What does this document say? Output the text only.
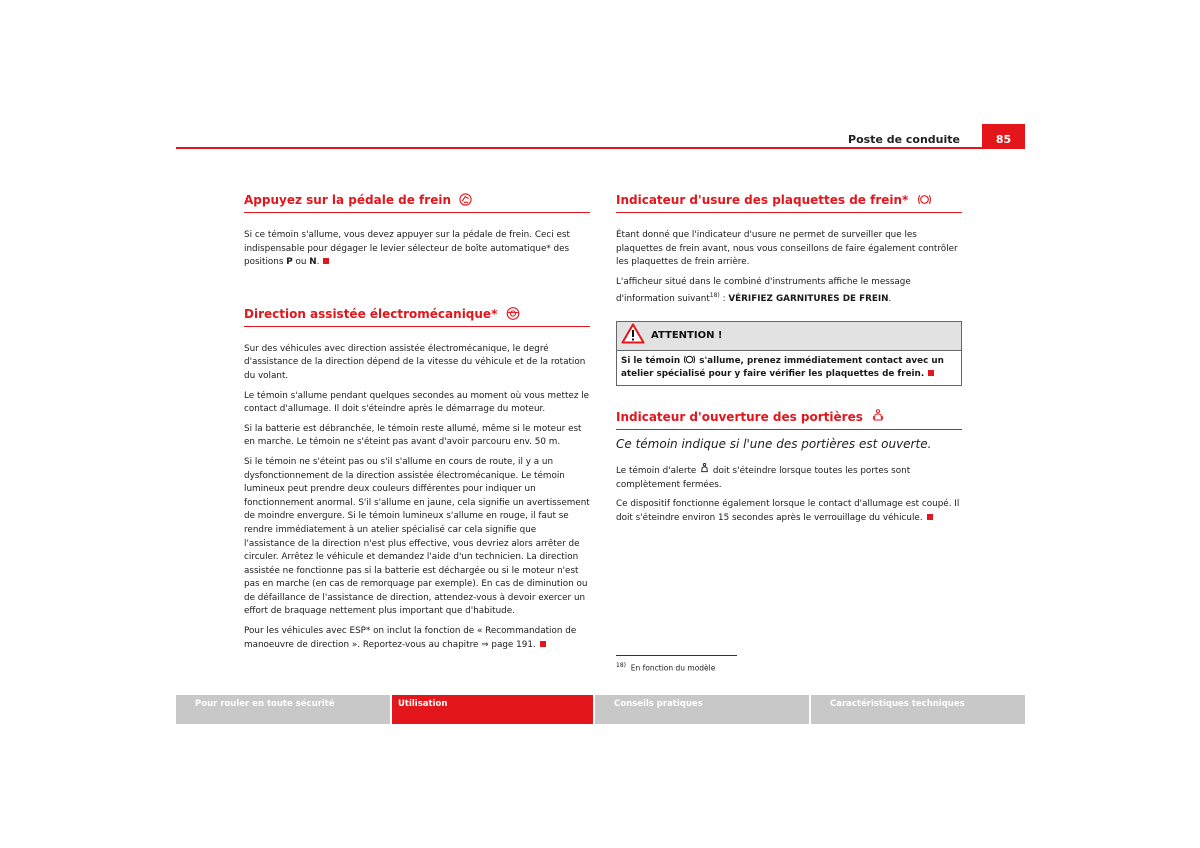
Poste de conduite	85
Appuyez sur la pédale de frein

Si ce témoin s'allume, vous devez appuyer sur la pédale de frein. Ceci est indispensable pour dégager le levier sélecteur de boîte automatique* des positions P ou N.

Direction assistée électromécanique*

Sur des véhicules avec direction assistée électromécanique, le degré d'assistance de la direction dépend de la vitesse du véhicule et de la rotation du volant.

Le témoin s'allume pendant quelques secondes au moment où vous mettez le contact d'allumage. Il doit s'éteindre après le démarrage du moteur.

Si la batterie est débranchée, le témoin reste allumé, même si le moteur est en marche. Le témoin ne s'éteint pas avant d'avoir parcouru env. 50 m.

Si le témoin ne s'éteint pas ou s'il s'allume en cours de route, il y a un dysfonctionnement de la direction assistée électromécanique. Le témoin lumineux peut prendre deux couleurs différentes pour indiquer un fonctionnement anormal. S'il s'allume en jaune, cela signifie un avertissement de moindre envergure. Si le témoin lumineux s'allume en rouge, il faut se rendre immédiatement à un atelier spécialisé car cela signifie que l'assistance de la direction n'est plus effective, vous devriez alors arrêter de circuler. Arrêtez le véhicule et demandez l'aide d'un technicien. La direction assistée ne fonctionne pas si la batterie est déchargée ou si le moteur n'est pas en marche (en cas de remorquage par exemple). En cas de diminution ou de défaillance de l'assistance de direction, attendez-vous à devoir exercer un effort de braquage nettement plus important que d'habitude.

Pour les véhicules avec ESP* on inclut la fonction de « Recommandation de manoeuvre de direction ». Reportez-vous au chapitre ⇒ page 191.

Indicateur d'usure des plaquettes de frein*

Étant donné que l'indicateur d'usure ne permet de surveiller que les plaquettes de frein avant, nous vous conseillons de faire également contrôler les plaquettes de frein arrière.

L'afficheur situé dans le combiné d'instruments affiche le message d'information suivant$^{18)}$ : VÉRIFIEZ GARNITURES DE FREIN.

ATTENTION !
Si le témoin  s'allume, prenez immédiatement contact avec un atelier spécialisé pour y faire vérifier les plaquettes de frein.
Indicateur d'ouverture des portières

Ce témoin indique si l'une des portières est ouverte.

Le témoin d'alerte  doit s'éteindre lorsque toutes les portes sont complètement fermées.

Ce dispositif fonctionne également lorsque le contact d'allumage est coupé. Il doit s'éteindre environ 15 secondes après le verrouillage du véhicule.

$^{18)}$ En fonction du modèle
Pour rouler en toute sécurité	Utilisation	Conseils pratiques	Caractéristiques techniques
